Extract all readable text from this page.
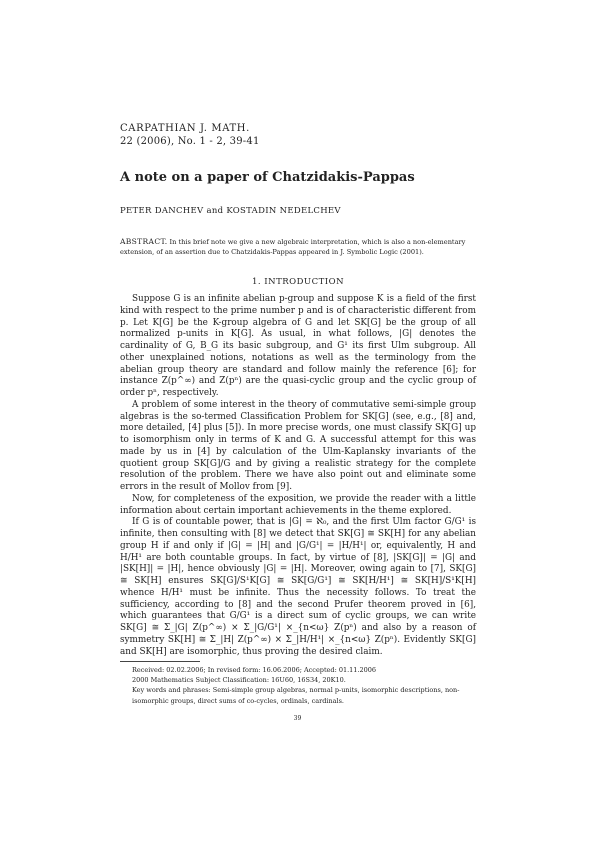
CARPATHIAN J. MATH.
22 (2006), No. 1 - 2, 39-41
A note on a paper of Chatzidakis-Pappas
PETER DANCHEV and KOSTADIN NEDELCHEV
ABSTRACT. In this brief note we give a new algebraic interpretation, which is also a non-elementary extension, of an assertion due to Chatzidakis-Pappas appeared in J. Symbolic Logic (2001).
1. INTRODUCTION

Suppose G is an infinite abelian p-group and suppose K is a field of the first kind with respect to the prime number p and is of characteristic different from p. Let K[G] be the K-group algebra of G and let SK[G] be the group of all normalized p-units in K[G]. As usual, in what follows, |G| denotes the cardinality of G, B_G its basic subgroup, and G¹ its first Ulm subgroup. All other unexplained notions, notations as well as the terminology from the abelian group theory are standard and follow mainly the reference [6]; for instance Z(p^∞) and Z(pⁿ) are the quasi-cyclic group and the cyclic group of order pⁿ, respectively.

A problem of some interest in the theory of commutative semi-simple group algebras is the so-termed Classification Problem for SK[G] (see, e.g., [8] and, more detailed, [4] plus [5]). In more precise words, one must classify SK[G] up to isomorphism only in terms of K and G. A successful attempt for this was made by us in [4] by calculation of the Ulm-Kaplansky invariants of the quotient group SK[G]/G and by giving a realistic strategy for the complete resolution of the problem. There we have also point out and eliminate some errors in the result of Mollov from [9].

Now, for completeness of the exposition, we provide the reader with a little information about certain important achievements in the theme explored.

If G is of countable power, that is |G| = ℵ₀, and the first Ulm factor G/G¹ is infinite, then consulting with [8] we detect that SK[G] ≅ SK[H] for any abelian group H if and only if |G| = |H| and |G/G¹| = |H/H¹| or, equivalently, H and H/H¹ are both countable groups. In fact, by virtue of [8], |SK[G]| = |G| and |SK[H]| = |H|, hence obviously |G| = |H|. Moreover, owing again to [7], SK[G] ≅ SK[H] ensures SK[G]/S¹K[G] ≅ SK[G/G¹] ≅ SK[H/H¹] ≅ SK[H]/S¹K[H] whence H/H¹ must be infinite. Thus the necessity follows. To treat the sufficiency, according to [8] and the second Prufer theorem proved in [6], which guarantees that G/G¹ is a direct sum of cyclic groups, we can write SK[G] ≅ Σ_|G| Z(p^∞) × Σ_|G/G¹| ×_{n<ω} Z(pⁿ) and also by a reason of symmetry SK[H] ≅ Σ_|H| Z(p^∞) × Σ_|H/H¹| ×_{n<ω} Z(pⁿ). Evidently SK[G] and SK[H] are isomorphic, thus proving the desired claim.

Received: 02.02.2006; In revised form: 16.06.2006; Accepted: 01.11.2006
2000 Mathematics Subject Classification: 16U60, 16S34, 20K10.
Key words and phrases: Semi-simple group algebras, normal p-units, isomorphic descriptions, non-isomorphic groups, direct sums of co-cycles, ordinals, cardinals.
39
